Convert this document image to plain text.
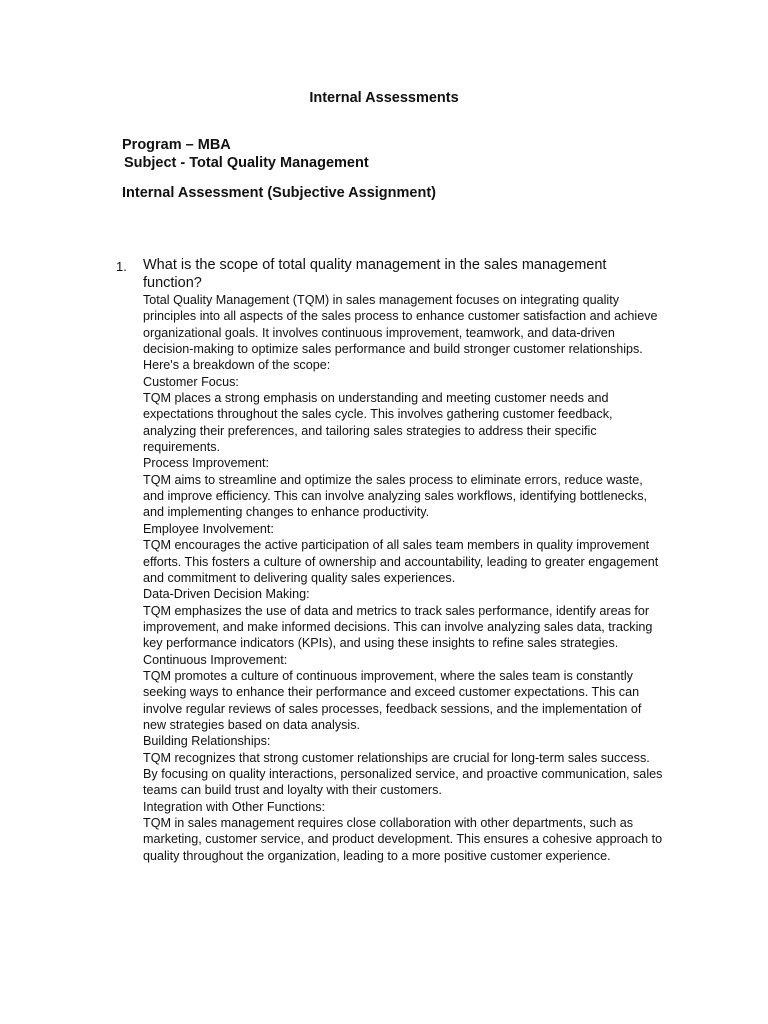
Internal Assessments
Program – MBA
Subject - Total Quality Management
Internal Assessment (Subjective Assignment)
1. What is the scope of total quality management in the sales management function?

Total Quality Management (TQM) in sales management focuses on integrating quality principles into all aspects of the sales process to enhance customer satisfaction and achieve organizational goals. It involves continuous improvement, teamwork, and data-driven decision-making to optimize sales performance and build stronger customer relationships.

Here's a breakdown of the scope:

Customer Focus:

TQM places a strong emphasis on understanding and meeting customer needs and expectations throughout the sales cycle. This involves gathering customer feedback, analyzing their preferences, and tailoring sales strategies to address their specific requirements.

Process Improvement:

TQM aims to streamline and optimize the sales process to eliminate errors, reduce waste, and improve efficiency. This can involve analyzing sales workflows, identifying bottlenecks, and implementing changes to enhance productivity.

Employee Involvement:

TQM encourages the active participation of all sales team members in quality improvement efforts. This fosters a culture of ownership and accountability, leading to greater engagement and commitment to delivering quality sales experiences.

Data-Driven Decision Making:

TQM emphasizes the use of data and metrics to track sales performance, identify areas for improvement, and make informed decisions. This can involve analyzing sales data, tracking key performance indicators (KPIs), and using these insights to refine sales strategies.

Continuous Improvement:

TQM promotes a culture of continuous improvement, where the sales team is constantly seeking ways to enhance their performance and exceed customer expectations. This can involve regular reviews of sales processes, feedback sessions, and the implementation of new strategies based on data analysis.

Building Relationships:

TQM recognizes that strong customer relationships are crucial for long-term sales success. By focusing on quality interactions, personalized service, and proactive communication, sales teams can build trust and loyalty with their customers.

Integration with Other Functions:

TQM in sales management requires close collaboration with other departments, such as marketing, customer service, and product development. This ensures a cohesive approach to quality throughout the organization, leading to a more positive customer experience.
